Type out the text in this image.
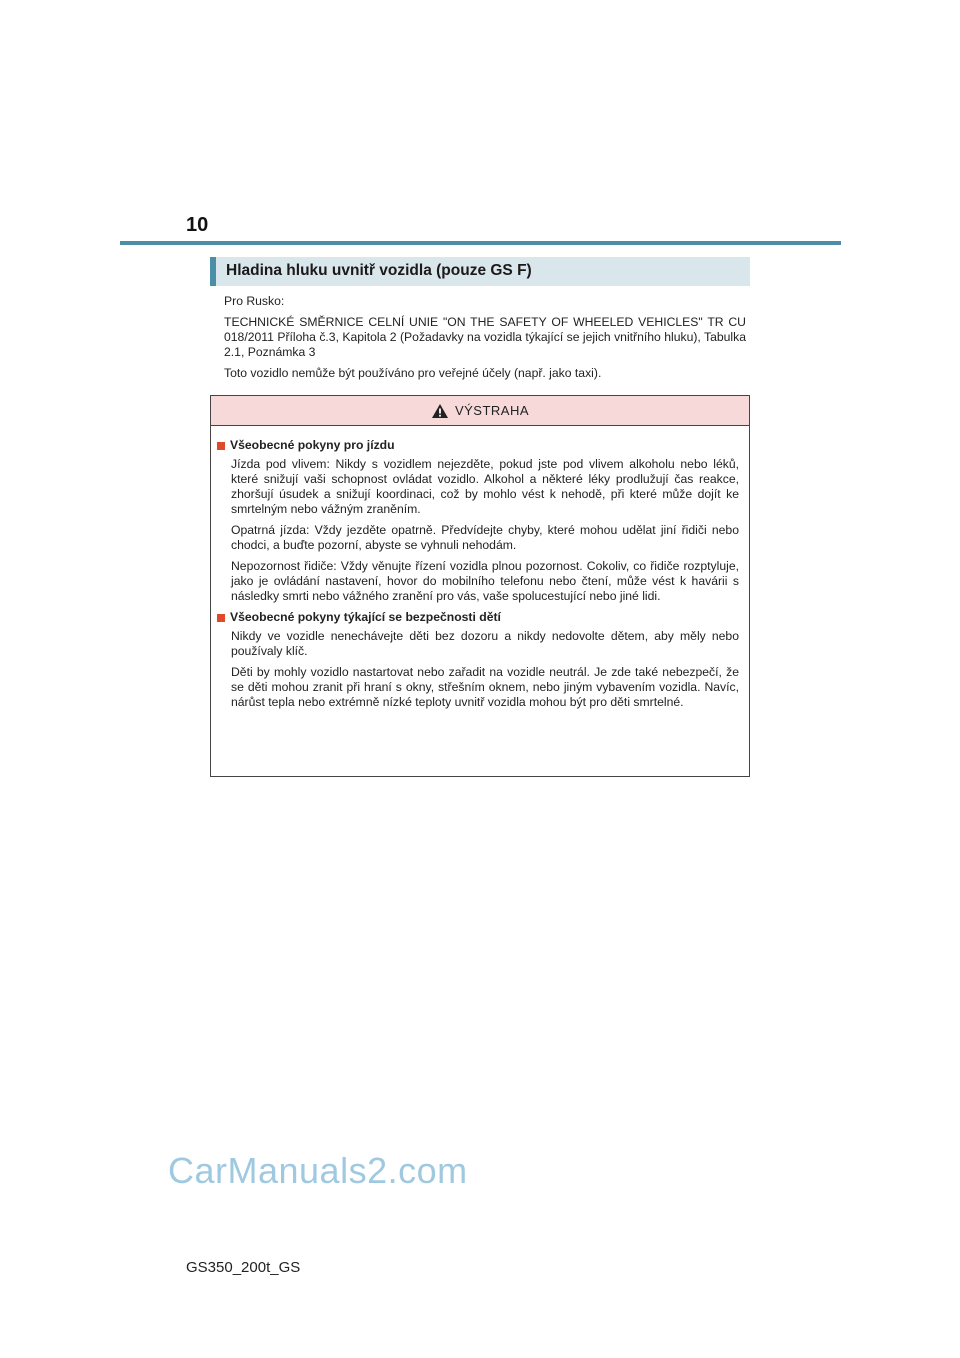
10
Hladina hluku uvnitř vozidla (pouze GS F)

Pro Rusko:

TECHNICKÉ SMĚRNICE CELNÍ UNIE "ON THE SAFETY OF WHEELED VEHICLES" TR CU 018/2011 Příloha č.3, Kapitola 2 (Požadavky na vozidla týkající se jejich vnitřního hluku), Tabulka 2.1, Poznámka 3

Toto vozidlo nemůže být používáno pro veřejné účely (např. jako taxi).

VÝSTRAHA
Všeobecné pokyny pro jízdu

Jízda pod vlivem: Nikdy s vozidlem nejezděte, pokud jste pod vlivem alkoholu nebo léků, které snižují vaši schopnost ovládat vozidlo. Alkohol a některé léky prodlužují čas reakce, zhoršují úsudek a snižují koordinaci, což by mohlo vést k nehodě, při které může dojít ke smrtelným nebo vážným zraněním.

Opatrná jízda: Vždy jezděte opatrně. Předvídejte chyby, které mohou udělat jiní řidiči nebo chodci, a buďte pozorní, abyste se vyhnuli nehodám.

Nepozornost řidiče: Vždy věnujte řízení vozidla plnou pozornost. Cokoliv, co řidiče rozptyluje, jako je ovládání nastavení, hovor do mobilního telefonu nebo čtení, může vést k havárii s následky smrti nebo vážného zranění pro vás, vaše spolucestující nebo jiné lidi.

Všeobecné pokyny týkající se bezpečnosti dětí

Nikdy ve vozidle nenechávejte děti bez dozoru a nikdy nedovolte dětem, aby měly nebo používaly klíč.

Děti by mohly vozidlo nastartovat nebo zařadit na vozidle neutrál. Je zde také nebezpečí, že se děti mohou zranit při hraní s okny, střešním oknem, nebo jiným vybavením vozidla. Navíc, nárůst tepla nebo extrémně nízké teploty uvnitř vozidla mohou být pro děti smrtelné.

CarManuals2.com
GS350_200t_GS
